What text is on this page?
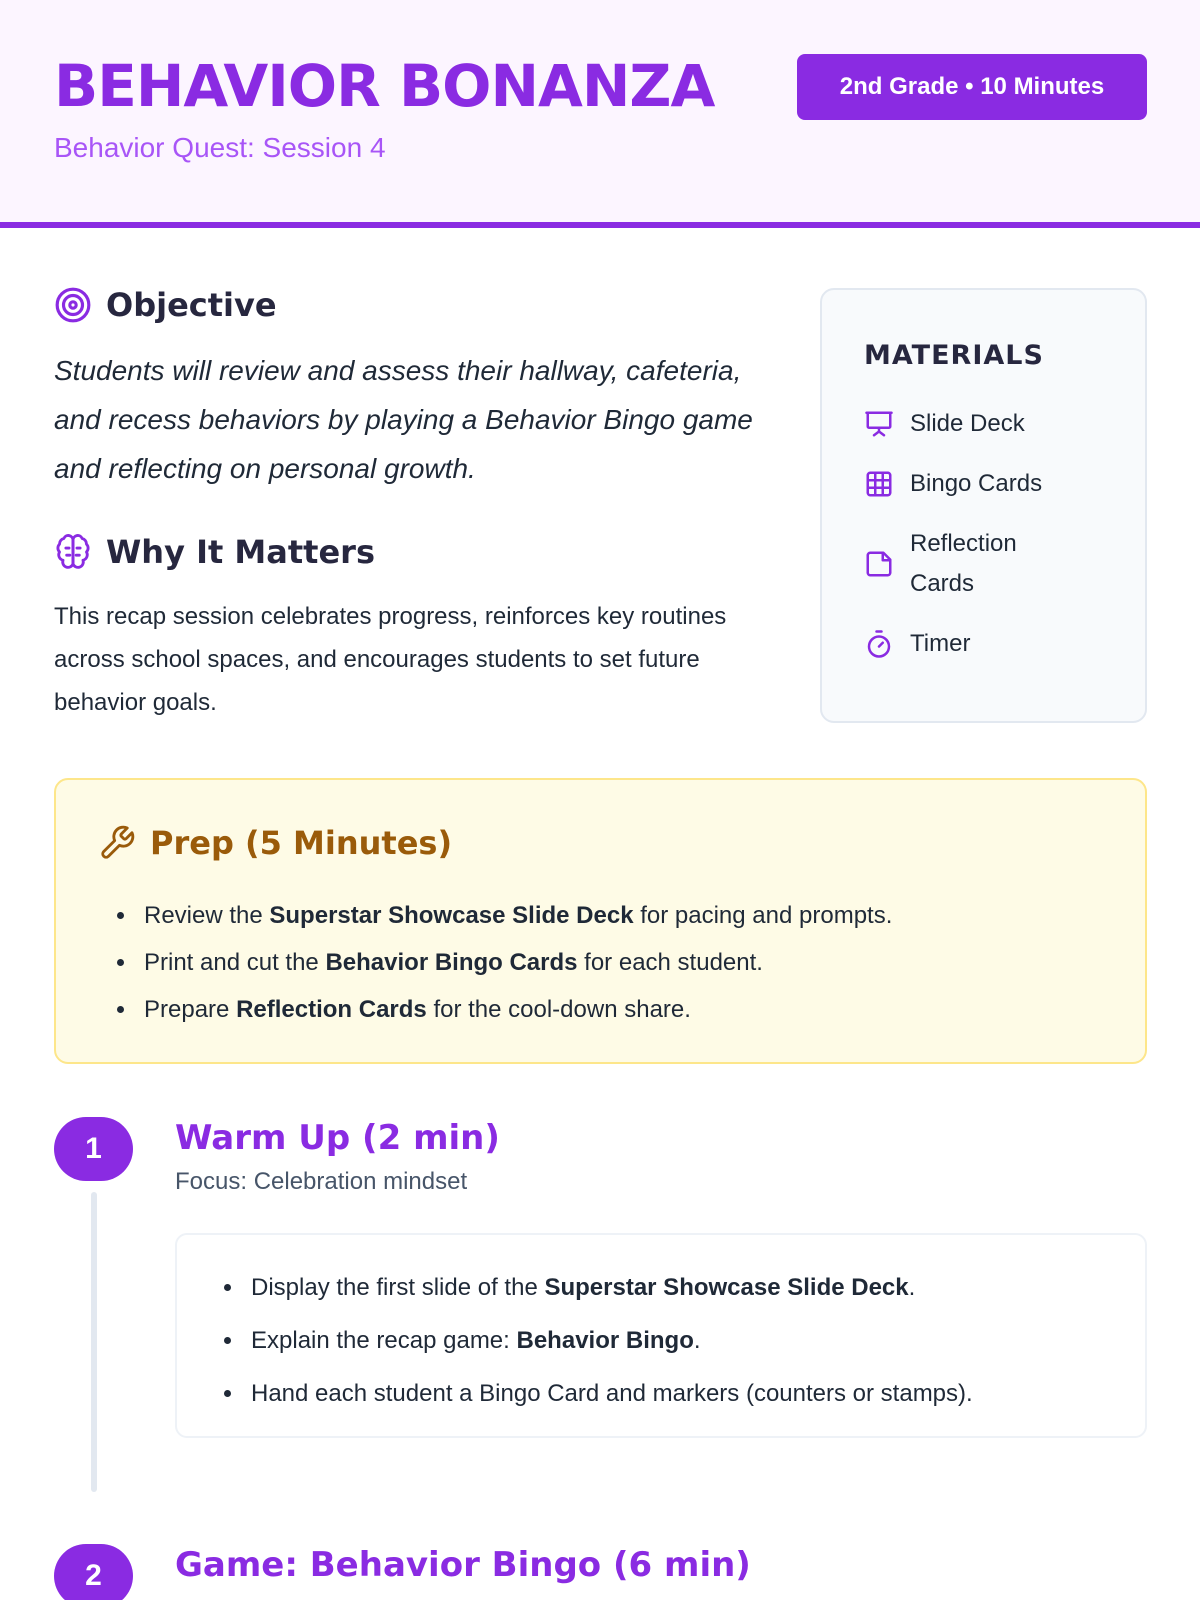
BEHAVIOR BONANZA
Behavior Quest: Session 4
2nd Grade • 10 Minutes
Objective

Students will review and assess their hallway, cafeteria, and recess behaviors by playing a Behavior Bingo game and reflecting on personal growth.

Why It Matters

This recap session celebrates progress, reinforces key routines across school spaces, and encourages students to set future behavior goals.

MATERIALS
Slide Deck
Bingo Cards
Reflection Cards
Timer
Prep (5 Minutes)
• Review the Superstar Showcase Slide Deck for pacing and prompts.
• Print and cut the Behavior Bingo Cards for each student.
• Prepare Reflection Cards for the cool-down share.
1	Warm Up (2 min)
Focus: Celebration mindset
• Display the first slide of the Superstar Showcase Slide Deck.
• Explain the recap game: Behavior Bingo.
• Hand each student a Bingo Card and markers (counters or stamps).
2	Game: Behavior Bingo (6 min)
